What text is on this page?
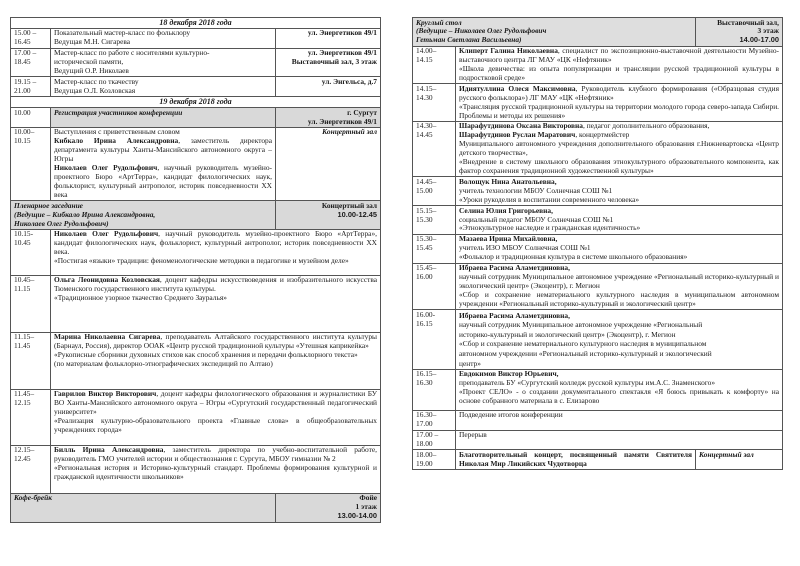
18 декабря 2018 года		

15.00 –
16.45	Показательный мастер-класс по фольклору
Ведущая М.Н. Сигарева	ул. Энергетиков 49/1

17.00 –
18.45	Мастер-класс по работе с носителями культурно-
исторической памяти,
Ведущий О.Р. Николаев	ул. Энергетиков 49/1
Выставочный зал, 3 этаж

19.15 –
21.00	Мастер-класс по ткачеству
Ведущая О.Л. Козловская	ул. Энгельса, д.7

19 декабря 2018 года		
10.00	Регистрация участников конференции	г. Сургут
ул. Энергетиков 49/1

10.00–
10.15	Выступления с приветственным словом
Кибкало Ирина Александровна, заместитель директора департамента культуры Ханты-Мансийского автономного округа – Югры
Николаев Олег Рудольфович, научный руководитель музейно-проектного Бюро «АртТерра», кандидат филологических наук, фольклорист, культурный антрополог, историк повседневности XX века	Концертный зал

Пленарное заседание
(Ведущие – Кибкало Ирина Александровна,
Николаев Олег Рудольфович)		Концертный зал
10.00-12.45

10.15-
10.45	Николаев Олег Рудольфович, научный руководитель музейно-проектного Бюро «АртТерра», кандидат филологических наук, фольклорист, культурный антрополог, историк повседневности XX века.
«Постигая «языки» традиции: феноменологические методики в педагогике и музейном деле»	

10.45–
11.15	Ольга Леонидовна Козловская, доцент кафедры искусствоведения и изобразительного искусства Тюменского государственного института культуры.
«Традиционное узорное ткачество Среднего Зауралья»	

11.15–
11.45	Марина Николаевна Сигарева, преподаватель Алтайского государственного института культуры (Барнаул, Россия), директор ООАК «Центр русской традиционной культуры «Утешная каприкейка»
«Рукописные сборники духовных стихов как способ хранения и передачи фольклорного текста»
(по материалам фольклорно-этнографических экспедиций по Алтаю)	

11.45–
12.15	Гаврилов Виктор Викторович, доцент кафедры филологического образования и журналистики БУ ВО Ханты-Мансийского автономного округа – Югры «Сургутский государственный педагогический университет»
«Реализация культурно-образовательного проекта «Главные слова» в общеобразовательных учреждениях города»	

12.15–
12.45	Билль Ирина Александровна, заместитель директора по учебно-воспитательной работе, руководитель ГМО учителей истории и обществознания г. Сургута, МБОУ гимназии № 2
«Региональная история и Историко-культурный стандарт. Проблемы формирования культурной и гражданской идентичности школьников»	
Кофе-брейк		Фойе
1 этаж
13.00-14.00
Круглый стол
(Ведущие – Николаев Олег Рудольфович
Гетьман Светлана Васильевна)		Выставочный зал,
3 этаж
14.00-17.00

14.00–
14.15	Клиперт Галина Николаевна, специалист по экспозиционно-выставочной деятельности Музейно-выставочного центра ЛГ МАУ «ЦК «Нефтяник»
«Школа девичества: из опыта популяризации и трансляции русской традиционной культуры в подростковой среде»	

14.15–
14.30	Идиятуллина Олеся Максимовна, Руководитель клубного формирования («Образцовая студия русского фольклора») ЛГ МАУ «ЦК «Нефтяник»
«Трансляция русской традиционной культуры на территории молодого города северо-запада Сибири. Проблемы и методы их решения»	

14.30–
14.45	Шарафутдинова Оксана Викторовна, педагог дополнительного образования,
Шарафутдинов Руслан Маратович, концертмейстер
Муниципального автономного учреждения дополнительного образования г.Нижневартовска «Центр детского творчества»,
«Внедрение в систему школьного образования этнокультурного образовательного компонента, как фактор сохранения традиционной художественной культуры»	

14.45–
15.00	Волощук Нина Анатольевна,
учитель технологии МБОУ Солнечная СОШ №1
«Уроки рукоделия в воспитании современного человека»	

15.15–
15.30	Селина Юлия Григорьевна,
социальный педагог МБОУ Солнечная СОШ №1
«Этнокультурное наследие и гражданская идентичность»	

15.30–
15.45	Мазаева Ирина Михайловна,
учитель ИЗО МБОУ Солнечная СОШ №1
«Фольклор и традиционная культура в системе школьного образования»	

15.45–
16.00	Ибраева Расима Аламетдиновна,
научный сотрудник Муниципальное автономное учреждение «Региональный историко-культурный и экологический центр» (Экоцентр), г. Мегион
«Сбор и сохранение нематериального культурного наследия в муниципальном автономном учреждении «Региональный историко-культурный и экологический центр»	

16.00-
16.15	Ибраева Расима Аламетдиновна,
научный сотрудник Муниципальное автономное учреждение «Региональный историко-культурный и экологический центр» (Экоцентр), г. Мегион
«Сбор и сохранение нематериального культурного наследия в муниципальном автономном учреждении «Региональный историко-культурный и экологический центр»	

16.15–
16.30	Евдокимов Виктор Юрьевич,
преподаватель БУ «Сургутский колледж русской культуры им.А.С. Знаменского»
«Проект СЕЛО» - о создании документального спектакля «Я боюсь привыкать к комфорту» на основе собранного материала в с. Елизарово	

16.30–
17.00	Подведение итогов конференции	

17.00 –
18.00	Перерыв	

18.00–
19.00	Благотворительный концерт, посвященный памяти Святителя Николая Мир Ликийских Чудотворца	Концертный зал
